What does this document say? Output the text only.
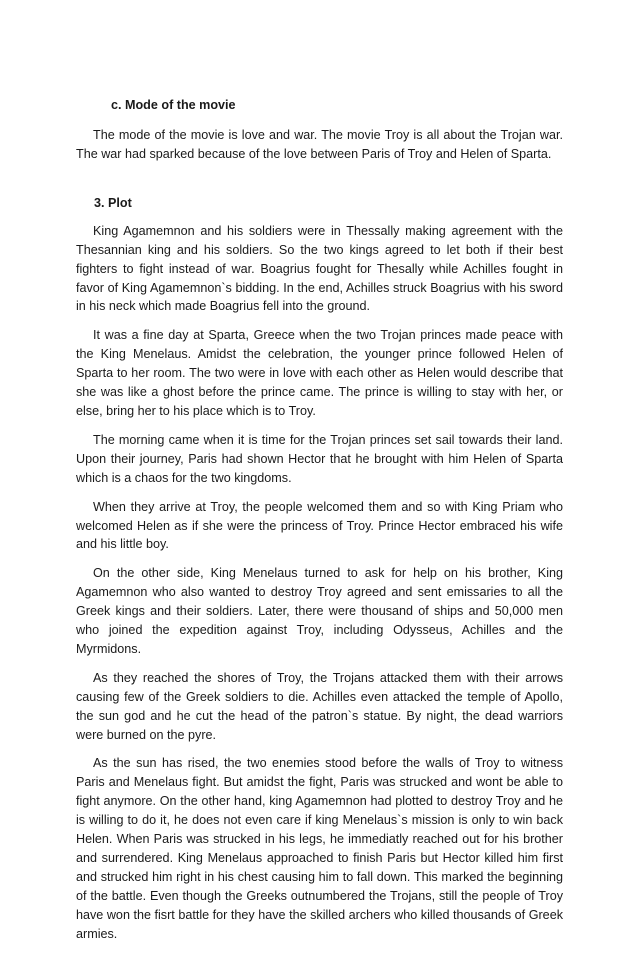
c. Mode of the movie

The mode of the movie is love and war. The movie Troy is all about the Trojan war. The war had sparked because of the love between Paris of Troy and Helen of Sparta.

3. Plot

King Agamemnon and his soldiers were in Thessally making agreement with the Thesannian king and his soldiers. So the two kings agreed to let both if their best fighters to fight instead of war. Boagrius fought for Thesally while Achilles fought in favor of King Agamemnon`s bidding. In the end, Achilles struck Boagrius with his sword in his neck which made Boagrius fell into the ground.

It was a fine day at Sparta, Greece when the two Trojan princes made peace with the King Menelaus. Amidst the celebration, the younger prince followed Helen of Sparta to her room. The two were in love with each other as Helen would describe that she was like a ghost before the prince came. The prince is willing to stay with her, or else, bring her to his place which is to Troy.

The morning came when it is time for the Trojan princes set sail towards their land. Upon their journey, Paris had shown Hector that he brought with him Helen of Sparta which is a chaos for the two kingdoms.

When they arrive at Troy, the people welcomed them and so with King Priam who welcomed Helen as if she were the princess of Troy. Prince Hector embraced his wife and his little boy.

On the other side, King Menelaus turned to ask for help on his brother, King Agamemnon who also wanted to destroy Troy agreed and sent emissaries to all the Greek kings and their soldiers. Later, there were thousand of ships and 50,000 men who joined the expedition against Troy, including Odysseus, Achilles and the Myrmidons.

As they reached the shores of Troy, the Trojans attacked them with their arrows causing few of the Greek soldiers to die. Achilles even attacked the temple of Apollo, the sun god and he cut the head of the patron`s statue. By night, the dead warriors were burned on the pyre.

As the sun has rised, the two enemies stood before the walls of Troy to witness Paris and Menelaus fight. But amidst the fight, Paris was strucked and wont be able to fight anymore. On the other hand, king Agamemnon had plotted to destroy Troy and he is willing to do it, he does not even care if king Menelaus`s mission is only to win back Helen. When Paris was strucked in his legs, he immediatly reached out for his brother and surrendered. King Menelaus approached to finish Paris but Hector killed him first and strucked him right in his chest causing him to fall down. This marked the beginning of the battle. Even though the Greeks outnumbered the Trojans, still the people of Troy have won the fisrt battle for they have the skilled archers who killed thousands of Greek armies.
